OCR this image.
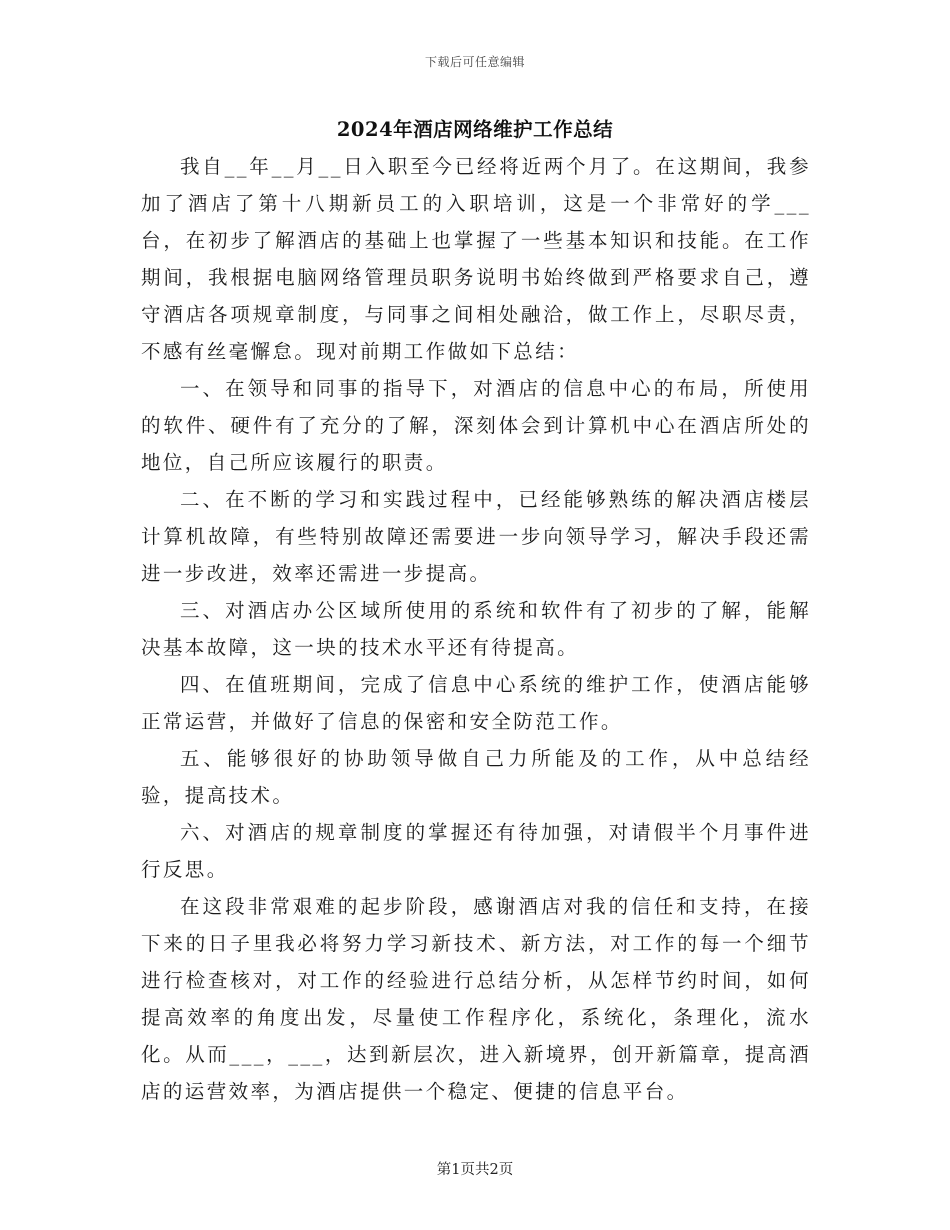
下载后可任意编辑
2024年酒店网络维护工作总结

我自__年__月__日入职至今已经将近两个月了。在这期间，我参加了酒店了第十八期新员工的入职培训，这是一个非常好的学___台，在初步了解酒店的基础上也掌握了一些基本知识和技能。在工作期间，我根据电脑网络管理员职务说明书始终做到严格要求自己，遵守酒店各项规章制度，与同事之间相处融洽，做工作上，尽职尽责，不感有丝毫懈怠。现对前期工作做如下总结：

一、在领导和同事的指导下，对酒店的信息中心的布局，所使用的软件、硬件有了充分的了解，深刻体会到计算机中心在酒店所处的地位，自己所应该履行的职责。

二、在不断的学习和实践过程中，已经能够熟练的解决酒店楼层计算机故障，有些特别故障还需要进一步向领导学习，解决手段还需进一步改进，效率还需进一步提高。

三、对酒店办公区域所使用的系统和软件有了初步的了解，能解决基本故障，这一块的技术水平还有待提高。

四、在值班期间，完成了信息中心系统的维护工作，使酒店能够正常运营，并做好了信息的保密和安全防范工作。

五、能够很好的协助领导做自己力所能及的工作，从中总结经验，提高技术。

六、对酒店的规章制度的掌握还有待加强，对请假半个月事件进行反思。

在这段非常艰难的起步阶段，感谢酒店对我的信任和支持，在接下来的日子里我必将努力学习新技术、新方法，对工作的每一个细节进行检查核对，对工作的经验进行总结分析，从怎样节约时间，如何提高效率的角度出发，尽量使工作程序化，系统化，条理化，流水化。从而___，___，达到新层次，进入新境界，创开新篇章，提高酒店的运营效率，为酒店提供一个稳定、便捷的信息平台。

第1页共2页
